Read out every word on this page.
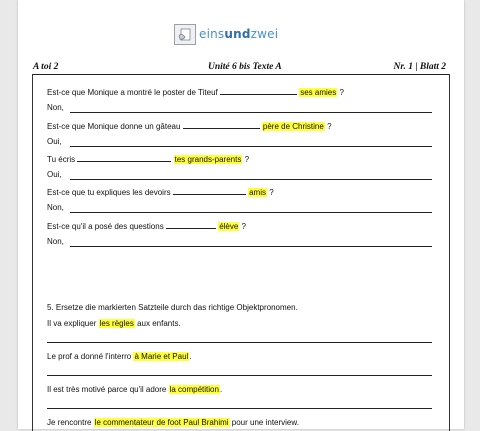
einsundzwei
A toi 2	Unité 6 bis Texte A	Nr. 1 | Blatt 2
Est-ce que Monique a montré le poster de Titeuf	ses amies ?
Non,
Est-ce que Monique donne un gâteau	père de Christine ?
Oui,
Tu écris	tes grands-parents ?
Oui,
Est-ce que tu expliques les devoirs	amis ?
Non,
Est-ce qu'il a posé des questions	élève ?
Non,
5. Ersetze die markierten Satzteile durch das richtige Objektpronomen.
Il va expliquer les règles aux enfants.
Le prof a donné l'interro à Marie et Paul.
Il est très motivé parce qu'il adore la compétition.
Je rencontre le commentateur de foot Paul Brahimi pour une interview.
